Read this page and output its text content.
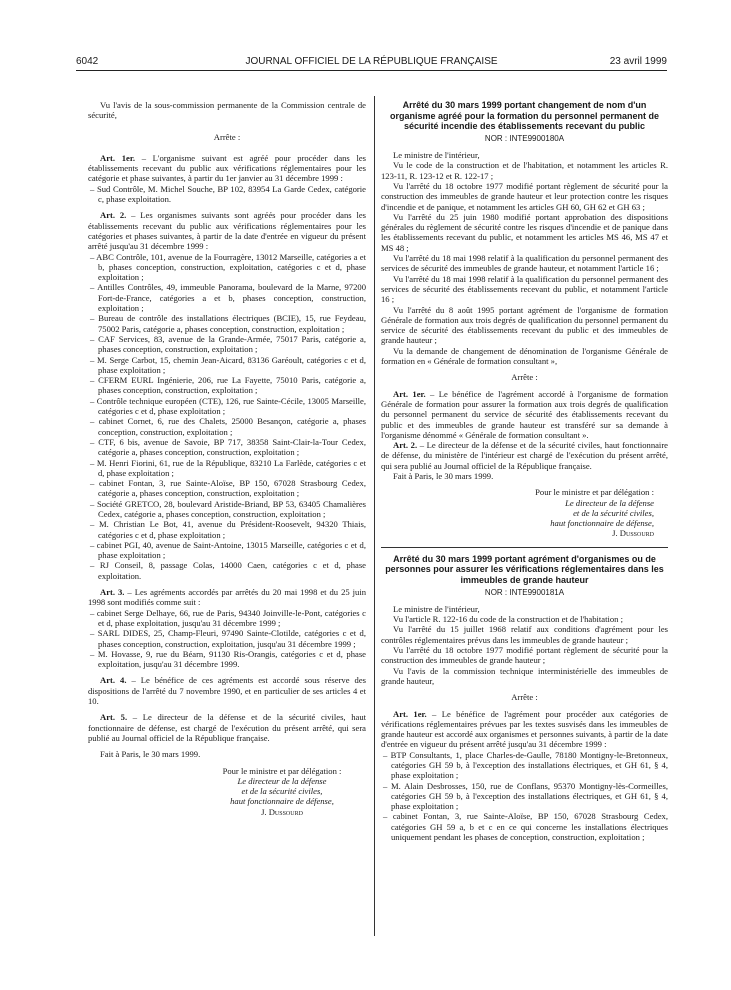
6042	JOURNAL OFFICIEL DE LA RÉPUBLIQUE FRANÇAISE	23 avril 1999

Vu l'avis de la sous-commission permanente de la Commission centrale de sécurité,

Arrête :

Art. 1er. – L'organisme suivant est agréé pour procéder dans les établissements recevant du public aux vérifications réglementaires pour les catégorie et phase suivantes, à partir du 1er janvier au 31 décembre 1999 :

– Sud Contrôle, M. Michel Souche, BP 102, 83954 La Garde Cedex, catégorie c, phase exploitation.

Art. 2. – Les organismes suivants sont agréés pour procéder dans les établissements recevant du public aux vérifications réglementaires pour les catégories et phases suivantes, à partir de la date d'entrée en vigueur du présent arrêté jusqu'au 31 décembre 1999 :

– ABC Contrôle, 101, avenue de la Fourragère, 13012 Marseille, catégories a et b, phases conception, construction, exploitation, catégories c et d, phase exploitation ;

– Antilles Contrôles, 49, immeuble Panorama, boulevard de la Marne, 97200 Fort-de-France, catégories a et b, phases conception, construction, exploitation ;

– Bureau de contrôle des installations électriques (BCIE), 15, rue Feydeau, 75002 Paris, catégorie a, phases conception, construction, exploitation ;

– CAF Services, 83, avenue de la Grande-Armée, 75017 Paris, catégorie a, phases conception, construction, exploitation ;

– M. Serge Carbot, 15, chemin Jean-Aicard, 83136 Garéoult, catégories c et d, phase exploitation ;

– CFERM EURL Ingénierie, 206, rue La Fayette, 75010 Paris, catégorie a, phases conception, construction, exploitation ;

– Contrôle technique européen (CTE), 126, rue Sainte-Cécile, 13005 Marseille, catégories c et d, phase exploitation ;

– cabinet Cornet, 6, rue des Chalets, 25000 Besançon, catégorie a, phases conception, construction, exploitation ;

– CTF, 6 bis, avenue de Savoie, BP 717, 38358 Saint-Clair-la-Tour Cedex, catégorie a, phases conception, construction, exploitation ;

– M. Henri Fiorini, 61, rue de la République, 83210 La Farlède, catégories c et d, phase exploitation ;

– cabinet Fontan, 3, rue Sainte-Aloïse, BP 150, 67028 Strasbourg Cedex, catégorie a, phases conception, construction, exploitation ;

– Société GRETCO, 28, boulevard Aristide-Briand, BP 53, 63405 Chamalières Cedex, catégorie a, phases conception, construction, exploitation ;

– M. Christian Le Bot, 41, avenue du Président-Roosevelt, 94320 Thiais, catégories c et d, phase exploitation ;

– cabinet PGI, 40, avenue de Saint-Antoine, 13015 Marseille, catégories c et d, phase exploitation ;

– RJ Conseil, 8, passage Colas, 14000 Caen, catégories c et d, phase exploitation.

Art. 3. – Les agréments accordés par arrêtés du 20 mai 1998 et du 25 juin 1998 sont modifiés comme suit :

– cabinet Serge Delhaye, 66, rue de Paris, 94340 Joinville-le-Pont, catégories c et d, phase exploitation, jusqu'au 31 décembre 1999 ;

– SARL DIDES, 25, Champ-Fleuri, 97490 Sainte-Clotilde, catégories c et d, phases conception, construction, exploitation, jusqu'au 31 décembre 1999 ;

– M. Hovasse, 9, rue du Béarn, 91130 Ris-Orangis, catégories c et d, phase exploitation, jusqu'au 31 décembre 1999.

Art. 4. – Le bénéfice de ces agréments est accordé sous réserve des dispositions de l'arrêté du 7 novembre 1990, et en particulier de ses articles 4 et 10.

Art. 5. – Le directeur de la défense et de la sécurité civiles, haut fonctionnaire de défense, est chargé de l'exécution du présent arrêté, qui sera publié au Journal officiel de la République française.

Fait à Paris, le 30 mars 1999.

Pour le ministre et par délégation :

Le directeur de la défense

et de la sécurité civiles,

haut fonctionnaire de défense,

J. Dussourd

Arrêté du 30 mars 1999 portant changement de nom d'un organisme agréé pour la formation du personnel permanent de sécurité incendie des établissements recevant du public

NOR : INTE9900180A

Le ministre de l'intérieur,

Vu le code de la construction et de l'habitation, et notamment les articles R. 123-11, R. 123-12 et R. 122-17 ;

Vu l'arrêté du 18 octobre 1977 modifié portant règlement de sécurité pour la construction des immeubles de grande hauteur et leur protection contre les risques d'incendie et de panique, et notamment les articles GH 60, GH 62 et GH 63 ;

Vu l'arrêté du 25 juin 1980 modifié portant approbation des dispositions générales du règlement de sécurité contre les risques d'incendie et de panique dans les établissements recevant du public, et notamment les articles MS 46, MS 47 et MS 48 ;

Vu l'arrêté du 18 mai 1998 relatif à la qualification du personnel permanent des services de sécurité des immeubles de grande hauteur, et notamment l'article 16 ;

Vu l'arrêté du 18 mai 1998 relatif à la qualification du personnel permanent des services de sécurité des établissements recevant du public, et notamment l'article 16 ;

Vu l'arrêté du 8 août 1995 portant agrément de l'organisme de formation Générale de formation aux trois degrés de qualification du personnel permanent du service de sécurité des établissements recevant du public et des immeubles de grande hauteur ;

Vu la demande de changement de dénomination de l'organisme Générale de formation en « Générale de formation consultant »,

Arrête :

Art. 1er. – Le bénéfice de l'agrément accordé à l'organisme de formation Générale de formation pour assurer la formation aux trois degrés de qualification du personnel permanent du service de sécurité des établissements recevant du public et des immeubles de grande hauteur est transféré sur sa demande à l'organisme dénommé « Générale de formation consultant ».

Art. 2. – Le directeur de la défense et de la sécurité civiles, haut fonctionnaire de défense, du ministère de l'intérieur est chargé de l'exécution du présent arrêté, qui sera publié au Journal officiel de la République française.

Fait à Paris, le 30 mars 1999.

Pour le ministre et par délégation :

Le directeur de la défense

et de la sécurité civiles,

haut fonctionnaire de défense,

J. Dussourd

Arrêté du 30 mars 1999 portant agrément d'organismes ou de personnes pour assurer les vérifications réglementaires dans les immeubles de grande hauteur

NOR : INTE9900181A

Le ministre de l'intérieur,

Vu l'article R. 122-16 du code de la construction et de l'habitation ;

Vu l'arrêté du 15 juillet 1968 relatif aux conditions d'agrément pour les contrôles réglementaires prévus dans les immeubles de grande hauteur ;

Vu l'arrêté du 18 octobre 1977 modifié portant règlement de sécurité pour la construction des immeubles de grande hauteur ;

Vu l'avis de la commission technique interministérielle des immeubles de grande hauteur,

Arrête :

Art. 1er. – Le bénéfice de l'agrément pour procéder aux catégories de vérifications réglementaires prévues par les textes susvisés dans les immeubles de grande hauteur est accordé aux organismes et personnes suivants, à partir de la date d'entrée en vigueur du présent arrêté jusqu'au 31 décembre 1999 :

– BTP Consultants, 1, place Charles-de-Gaulle, 78180 Montigny-le-Bretonneux, catégories GH 59 b, à l'exception des installations électriques, et GH 61, § 4, phase exploitation ;

– M. Alain Desbrosses, 150, rue de Conflans, 95370 Montigny-lès-Cormeilles, catégories GH 59 b, à l'exception des installations électriques, et GH 61, § 4, phase exploitation ;

– cabinet Fontan, 3, rue Sainte-Aloïse, BP 150, 67028 Strasbourg Cedex, catégories GH 59 a, b et c en ce qui concerne les installations électriques uniquement pendant les phases de conception, construction, exploitation ;
